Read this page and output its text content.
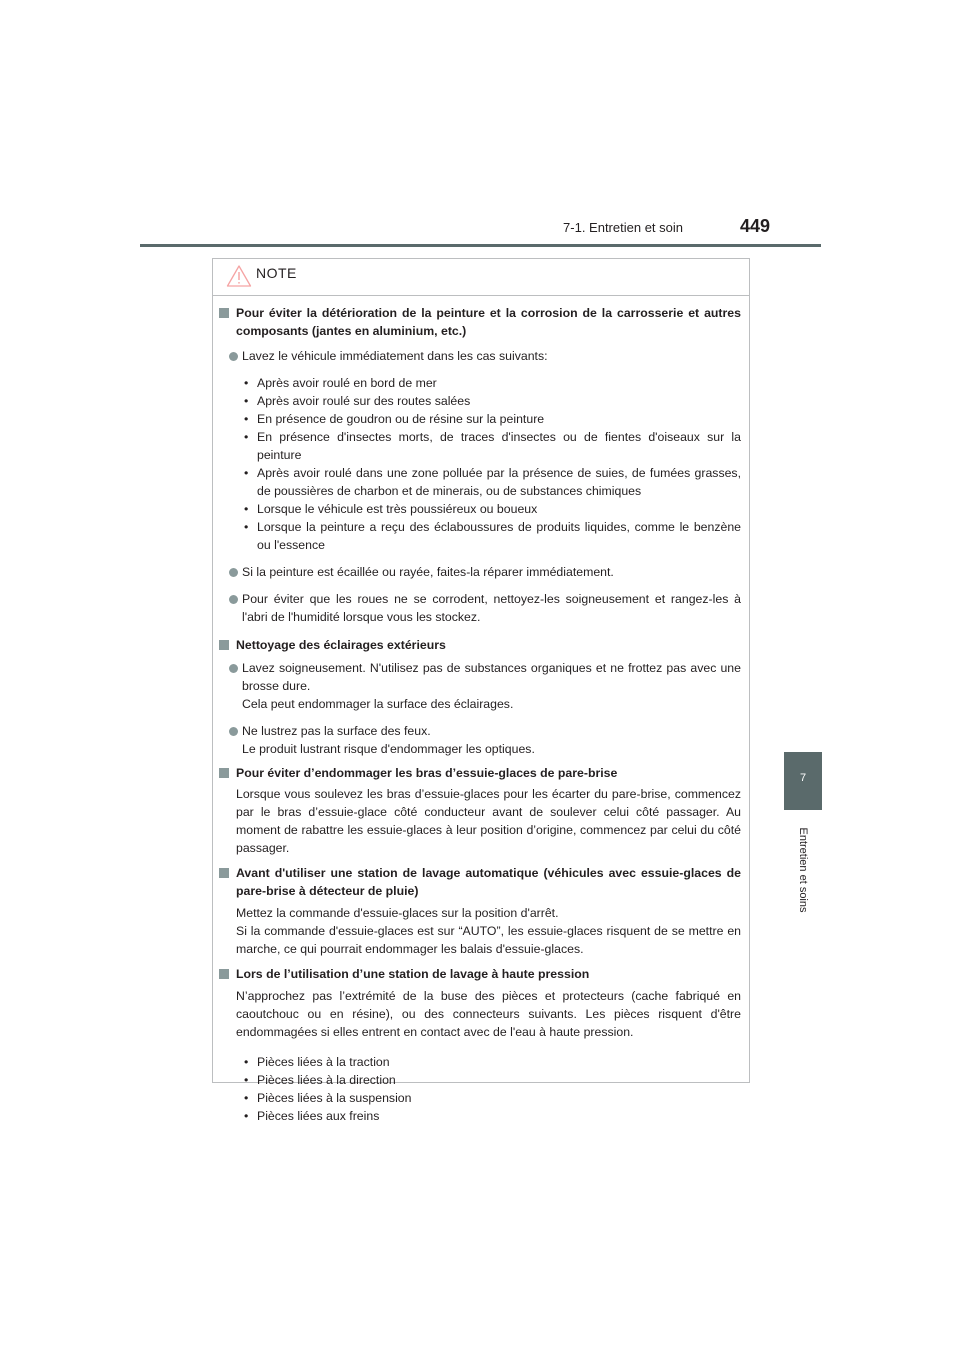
7-1. Entretien et soin	449
7
Entretien et soins
NOTE
Pour éviter la détérioration de la peinture et la corrosion de la carrosserie et autres composants (jantes en aluminium, etc.)
Lavez le véhicule immédiatement dans les cas suivants:
• Après avoir roulé en bord de mer
• Après avoir roulé sur des routes salées
• En présence de goudron ou de résine sur la peinture
• En présence d'insectes morts, de traces d'insectes ou de fientes d'oiseaux sur la peinture
• Après avoir roulé dans une zone polluée par la présence de suies, de fumées grasses, de poussières de charbon et de minerais, ou de substances chimiques
• Lorsque le véhicule est très poussiéreux ou boueux
• Lorsque la peinture a reçu des éclaboussures de produits liquides, comme le benzène ou l'essence
Si la peinture est écaillée ou rayée, faites-la réparer immédiatement.
Pour éviter que les roues ne se corrodent, nettoyez-les soigneusement et rangez-les à l'abri de l'humidité lorsque vous les stockez.
Nettoyage des éclairages extérieurs
Lavez soigneusement. N'utilisez pas de substances organiques et ne frottez pas avec une brosse dure.
Cela peut endommager la surface des éclairages.
Ne lustrez pas la surface des feux.
Le produit lustrant risque d'endommager les optiques.
Pour éviter d’endommager les bras d’essuie-glaces de pare-brise
Lorsque vous soulevez les bras d’essuie-glaces pour les écarter du pare-brise, commencez par le bras d’essuie-glace côté conducteur avant de soulever celui côté passager. Au moment de rabattre les essuie-glaces à leur position d’origine, commencez par celui du côté passager.
Avant d'utiliser une station de lavage automatique (véhicules avec essuie-glaces de pare-brise à détecteur de pluie)
Mettez la commande d'essuie-glaces sur la position d'arrêt.
Si la commande d'essuie-glaces est sur “AUTO”, les essuie-glaces risquent de se mettre en marche, ce qui pourrait endommager les balais d'essuie-glaces.
Lors de l’utilisation d’une station de lavage à haute pression
N’approchez pas l’extrémité de la buse des pièces et protecteurs (cache fabriqué en caoutchouc ou en résine), ou des connecteurs suivants. Les pièces risquent d'être endommagées si elles entrent en contact avec de l'eau à haute pression.
• Pièces liées à la traction
• Pièces liées à la direction
• Pièces liées à la suspension
• Pièces liées aux freins
